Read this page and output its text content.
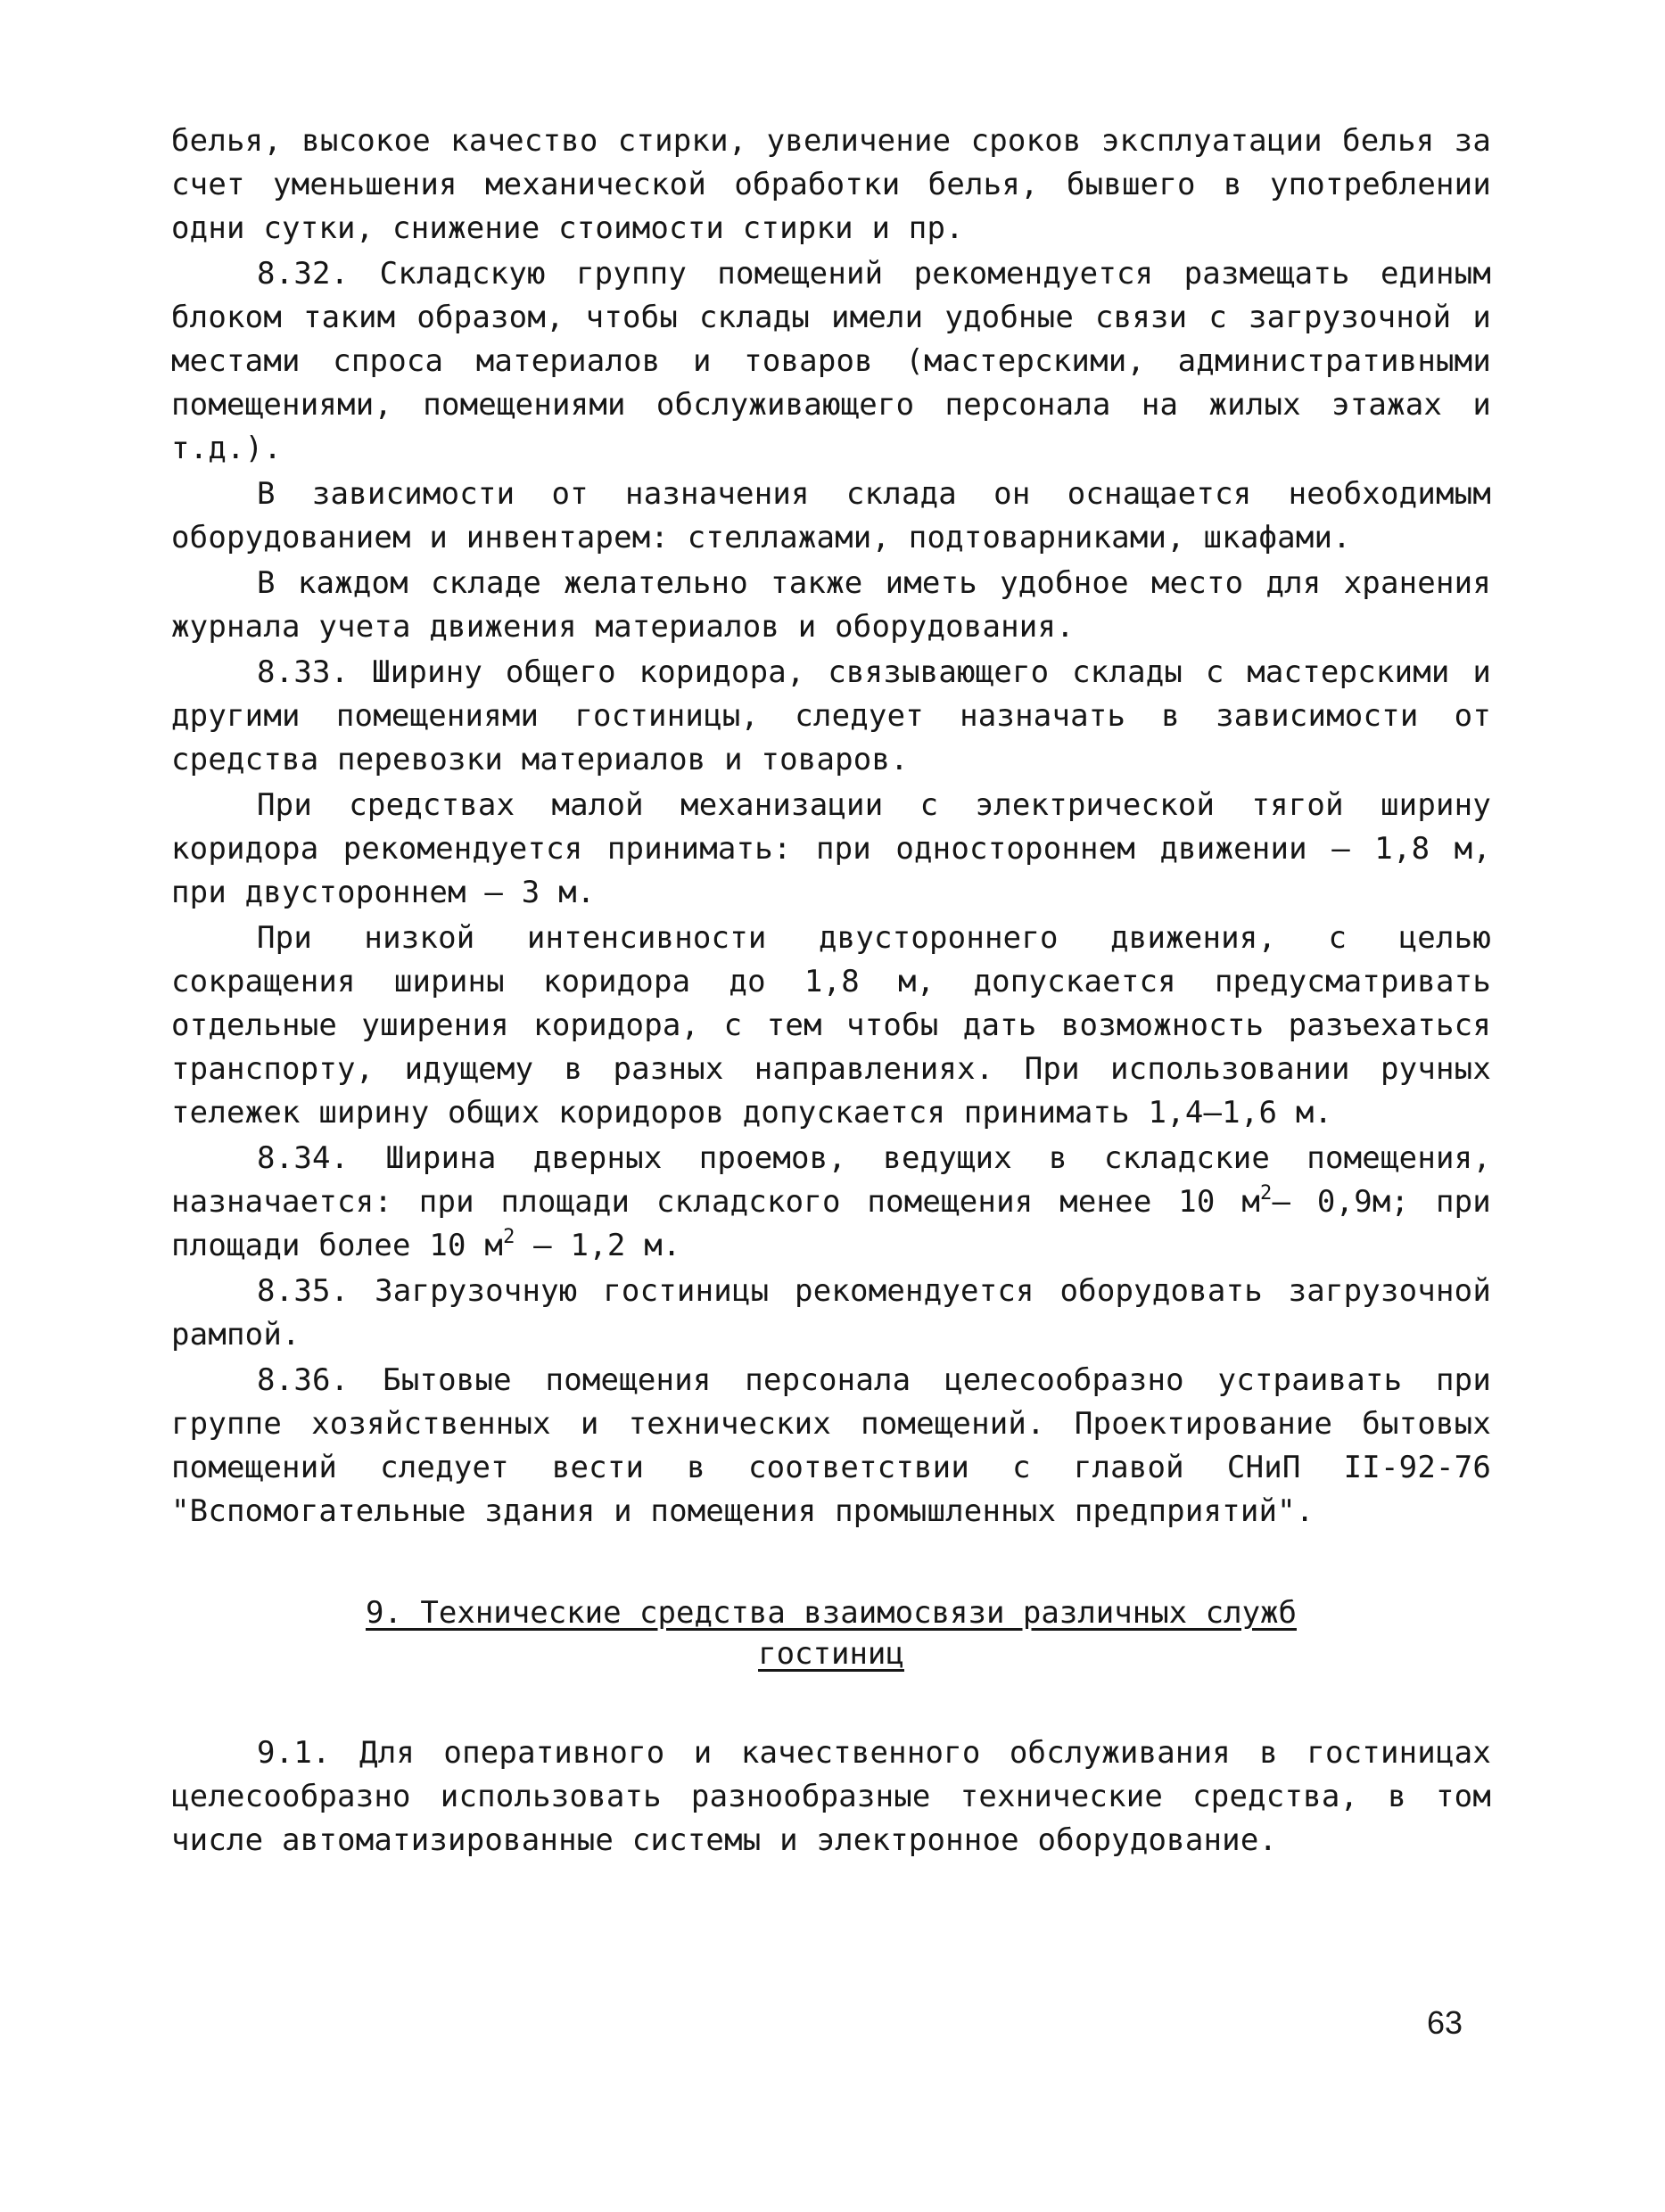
белья, высокое качество стирки, увеличение сроков эксплуатации белья за счет уменьшения механической обработки белья, бывшего в употреблении одни сутки, снижение стоимости стирки и пр.

8.32. Складскую группу помещений рекомендуется размещать единым блоком таким образом, чтобы склады имели удобные связи с загрузочной и местами спроса материалов и товаров (мастерскими, административными помещениями, помещениями обслуживающего персонала на жилых этажах и т.д.).

В зависимости от назначения склада он оснащается необходимым оборудованием и инвентарем: стеллажами, подтоварниками, шкафами.

В каждом складе желательно также иметь удобное место для хранения журнала учета движения материалов и оборудования.

8.33. Ширину общего коридора, связывающего склады с мастерскими и другими помещениями гостиницы, следует назначать в зависимости от средства перевозки материалов и товаров.

При средствах малой механизации с электрической тягой ширину коридора рекомендуется принимать: при одностороннем движении – 1,8 м, при двустороннем – 3 м.

При низкой интенсивности двустороннего движения, с целью сокращения ширины коридора до 1,8 м, допускается предусматривать отдельные уширения коридора, с тем чтобы дать возможность разъехаться транспорту, идущему в разных направлениях. При использовании ручных тележек ширину общих коридоров допускается принимать 1,4–1,6 м.

8.34. Ширина дверных проемов, ведущих в складские помещения, назначается: при площади складского помещения менее 10 $м^2-$ 0,9м; при площади более 10 $м^2 - 1,2$ м.

8.35. Загрузочную гостиницы рекомендуется оборудовать загрузочной рампой.

8.36. Бытовые помещения персонала целесообразно устраивать при группе хозяйственных и технических помещений. Проектирование бытовых помещений следует вести в соответствии с главой СНиП II-92-76 "Вспомогательные здания и помещения промышленных предприятий".

9. Технические средства взаимосвязи различных служб
гостиниц

9.1. Для оперативного и качественного обслуживания в гостиницах целесообразно использовать разнообразные технические средства, в том числе автоматизированные системы и электронное оборудование.

63
